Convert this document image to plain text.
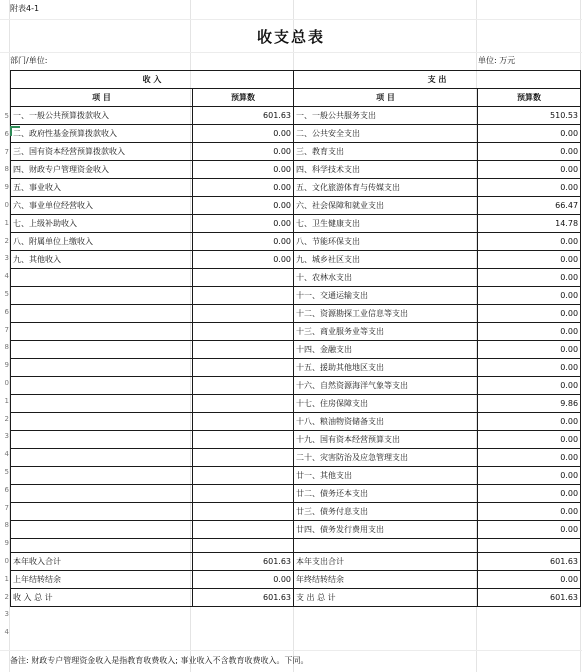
附表4-1
收支总表
部门/单位:	单位: 万元
收 入		支 出	
项 目	预算数	项 目	预算数
一、一般公共预算拨款收入	601.63	一、一般公共服务支出	510.53
二、政府性基金预算拨款收入	0.00	二、公共安全支出	0.00
三、国有资本经营预算拨款收入	0.00	三、教育支出	0.00
四、财政专户管理资金收入	0.00	四、科学技术支出	0.00
五、事业收入	0.00	五、文化旅游体育与传媒支出	0.00
六、事业单位经营收入	0.00	六、社会保障和就业支出	66.47
七、上级补助收入	0.00	七、卫生健康支出	14.78
八、附属单位上缴收入	0.00	八、节能环保支出	0.00
九、其他收入	0.00	九、城乡社区支出	0.00
		十、农林水支出	0.00
		十一、交通运输支出	0.00
		十二、资源勘探工业信息等支出	0.00
		十三、商业服务业等支出	0.00
		十四、金融支出	0.00
		十五、援助其他地区支出	0.00
		十六、自然资源海洋气象等支出	0.00
		十七、住房保障支出	9.86
		十八、粮油物资储备支出	0.00
		十九、国有资本经营预算支出	0.00
		二十、灾害防治及应急管理支出	0.00
		廿一、其他支出	0.00
		廿二、债务还本支出	0.00
		廿三、债务付息支出	0.00
		廿四、债务发行费用支出	0.00

本年收入合计	601.63	本年支出合计	601.63
上年结转结余	0.00	年终结转结余	0.00
收 入 总 计	601.63	支 出 总 计	601.63
5
6
7
8
9
0
1
2
3
4
5
6
7
8
9
0
1
2
3
4
5
6
7
8
9
0
1
2
3
4
备注: 财政专户管理资金收入是指教育收费收入; 事业收入不含教育收费收入。下同。
